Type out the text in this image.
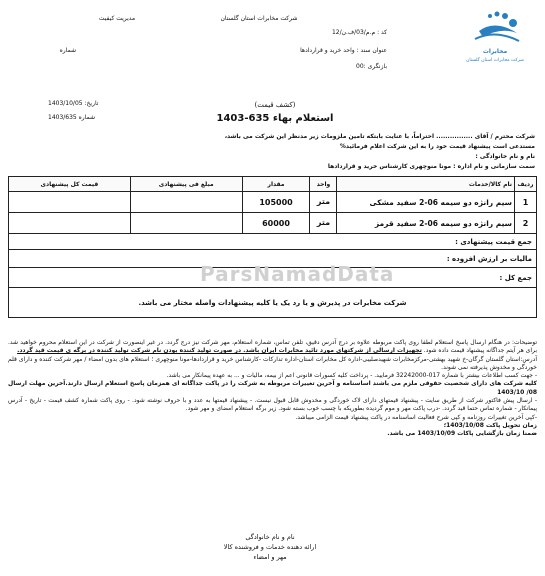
مخابرات
شرکت مخابرات استان گلستان
شرکت مخابرات استان گلستان
مدیریت کیفیت
کد : م.م/03/ف.ن/12
عنوان سند : واحد خرید و قراردادها
شماره
بازنگری :00
تاریخ: 1403/10/05
شماره 1403/635
(کشف قیمت)
استعلام بهاء 635-1403
شرکت محترم / آقای ................ احتراماً، با عنایت بابتکه تامین ملزومات زیر مدنظر این شرکت می باشد،
مستدعی است پیشنهاد قیمت خود را به این شرکت اعلام فرمائید%
نام و نام خانوادگی :
سمت سازمانی و نام اداره : مونا منوچهری کارشناس خرید و قراردادها
ردیف	نام کالا/خدمات	واحد	مقدار	مبلغ فی پیشنهادی	قیمت کل پیشنهادی
1	سیم رانژه دو سیمه 06-2 سفید مشکی	متر	105000		
2	سیم رانژه دو سیمه 06-2 سفید قرمز	متر	60000		
جمع قیمت پیشنهادی :
مالیات بر ارزش افزوده :
جمع کل :
شرکت مخابرات در پذیرش و یا رد یک یا کلیه پیشنهادات واصله مختار می باشد.
ParsNamadData

توضیحات: در هنگام ارسال پاسخ استعلام لطفا روی پاکت مربوطه علاوه بر درج آدرس دقیق، تلفن تماس، شماره استعلام، مهر شرکت نیز درج گردد. در غیر اینصورت از شرکت در این استعلام محروم خواهید شد. برای هر آیتم جداگانه پیشنهاد قیمت داده شود. تجهیزات ارسالی از شرکتهای مورد تائید مخابرات ایران باشد. در صورت تولید کننده بودن نام شرکت تولید کننده در برگه ی قیمت قید گردد.

آدرس:استان گلستان گرگان-خ شهید بهشتی-مرکزمخابرات شهیدصلیبی-اداره کل مخابرات استان-اداره تدارکات -کارشناس خرید و قراردادها-مونا منوچهری ؛ استعلام های بدون امضاء / مهر شرکت کننده و دارای قلم خوردگی و مخدوش پذیرفته نمی شوند.

- جهت کسب اطلاعات بیشتر با شماره 017-32242000 فرمایید. - پرداخت کلیه کسورات قانونی اعم از بیمه، مالیات و ... به عهده پیمانکار می باشد.

کلیه شرکت های دارای شخصیت حقوقی ملزم می باشند اساسنامه و آخرین تغییرات مربوطه به شرکت را در پاکت جداگانه ای همزمان پاسخ استعلام ارسال دارند.آخرین مهلت ارسال 08/ 1403/10

- ارسال پیش فاکتور شرکت از طریق سایت - پیشنهاد قیمتهای دارای لاک خوردگی و مخدوش قابل قبول نیست. - پیشنهاد قیمتها به عدد و با حروف نوشته شود. - روی پاکت شماره کشف قیمت - تاریخ - آدرس پیمانکار - شماره تماس حتما قید گردد. -درب پاکت مهر و موم گردیده بطوریکه با چسب خوب بسته شود. زیر برگه استعلام امضای و مهر شود.

-کپی آخرین تغییرات روزنامه و کپی شرح فعالیت اساسنامه در پاکت پیشنهاد قیمت الزامی میباشد.

زمان تحویل پاکت 1403/10/08؛

ضمنا زمان بازگشایی پاکات 1403/10/09 می باشد.

نام و نام خانوادگی
ارائه دهنده خدمات و فروشنده کالا
مهر و امضاء
